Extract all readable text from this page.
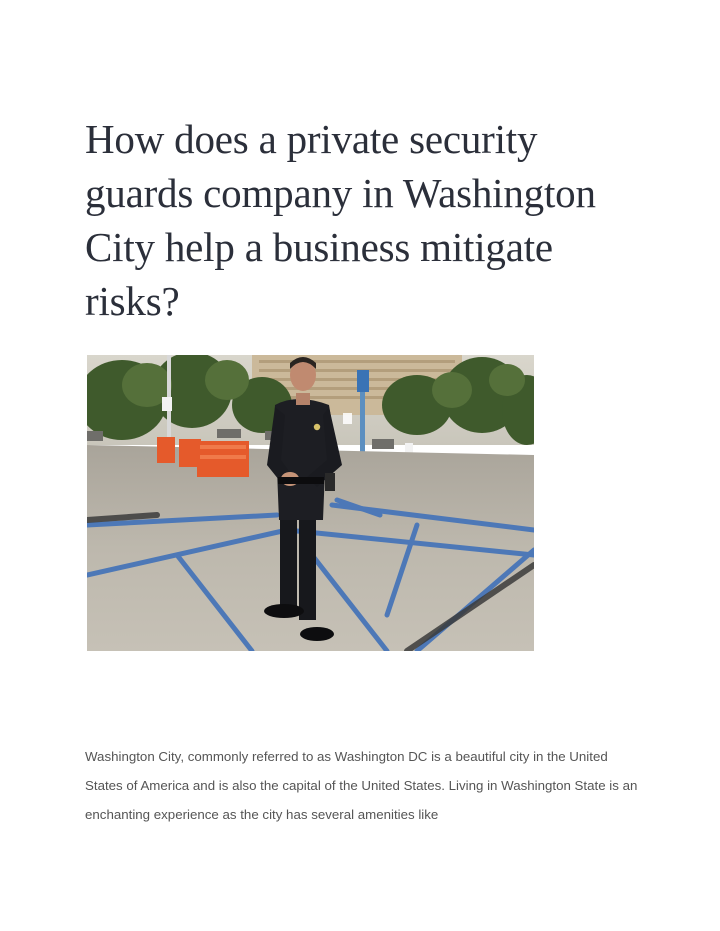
How does a private security guards company in Washington City help a business mitigate risks?

Washington City, commonly referred to as Washington DC is a beautiful city in the United States of America and is also the capital of the United States. Living in Washington State is an enchanting experience as the city has several amenities like
